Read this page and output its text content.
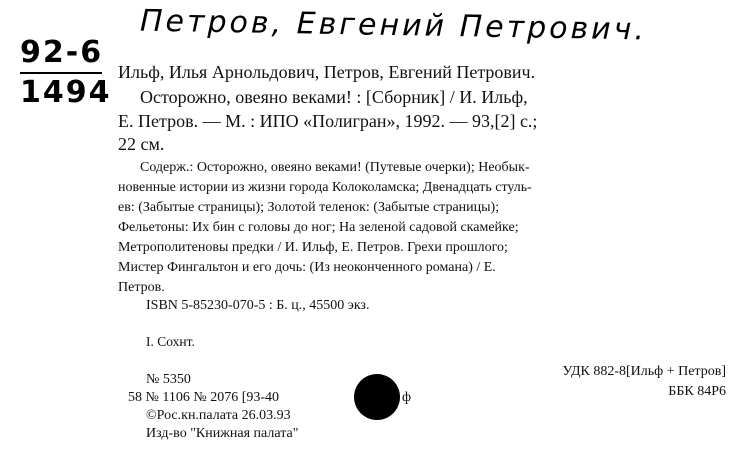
Петров, Евгений Петрович.
92-6
1494
Ильф, Илья Арнольдович, Петров, Евгений Петрович.
Осторожно, овеяно веками! : [Сборник] / И. Ильф,
Е. Петров. — М. : ИПО «Полигран», 1992. — 93,[2] с.;
22 см.
Содерж.: Осторожно, овеяно веками! (Путевые очерки); Необык-
новенные истории из жизни города Колоколамска; Двенадцать стуль-
ев: (Забытые страницы); Золотой теленок: (Забытые страницы);
Фельетоны: Их бин с головы до ног; На зеленой садовой скамейке;
Метрополитеновы предки / И. Ильф, Е. Петров. Грехи прошлого;
Мистер Фингальтон и его дочь: (Из неоконченного романа) / Е.
Петров.
ISBN 5-85230-070-5 : Б. ц., 45500 экз.
I. Сохнт.
№ 5350
58 № 1106 № 2076 [93-40	ф
©Рос.кн.палата 26.03.93
Изд-во "Книжная палата"
УДК 882-8[Ильф + Петров]
ББК 84Р6
